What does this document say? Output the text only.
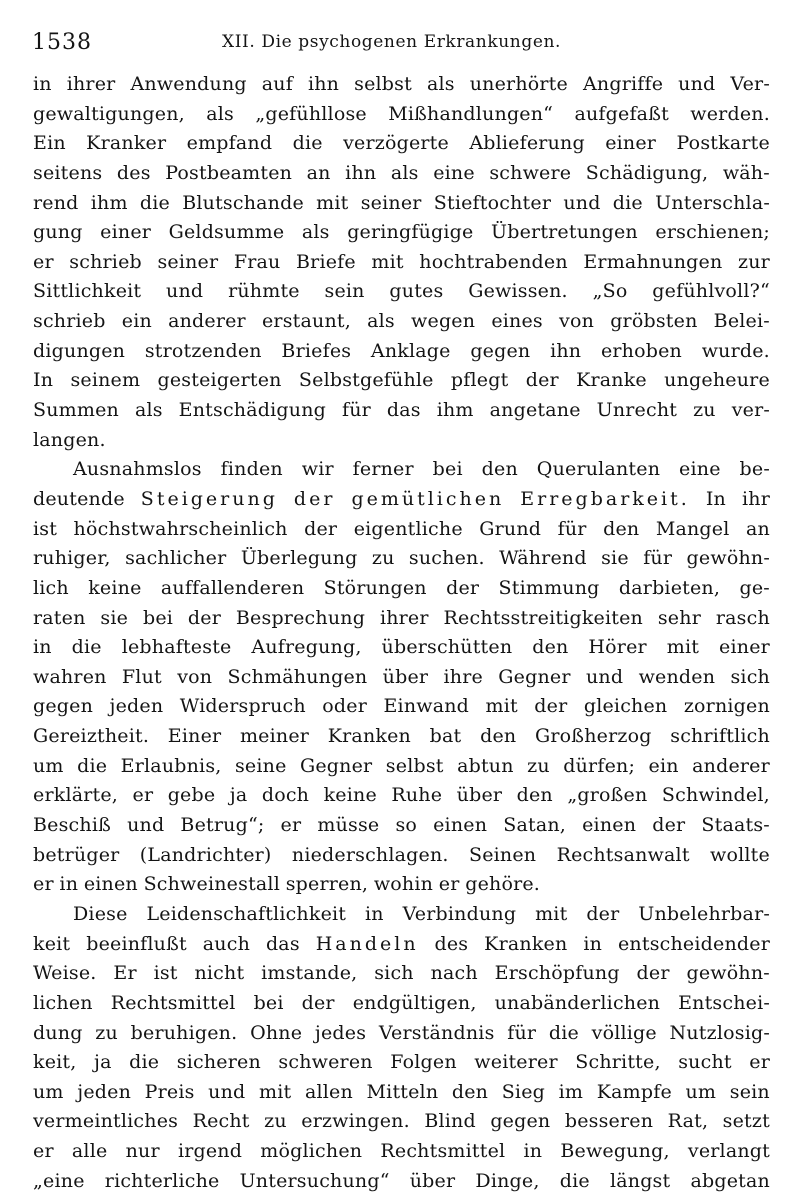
1538	XII. Die psychogenen Erkrankungen.
in ihrer Anwendung auf ihn selbst als unerhörte Angriffe und Ver-
gewaltigungen, als „gefühllose Mißhandlungen“ aufgefaßt werden.
Ein Kranker empfand die verzögerte Ablieferung einer Postkarte
seitens des Postbeamten an ihn als eine schwere Schädigung, wäh-
rend ihm die Blutschande mit seiner Stieftochter und die Unterschla-
gung einer Geldsumme als geringfügige Übertretungen erschienen;
er schrieb seiner Frau Briefe mit hochtrabenden Ermahnungen zur
Sittlichkeit und rühmte sein gutes Gewissen. „So gefühlvoll?“
schrieb ein anderer erstaunt, als wegen eines von gröbsten Belei-
digungen strotzenden Briefes Anklage gegen ihn erhoben wurde.
In seinem gesteigerten Selbstgefühle pflegt der Kranke ungeheure
Summen als Entschädigung für das ihm angetane Unrecht zu ver-
langen.
Ausnahmslos finden wir ferner bei den Querulanten eine be-
deutende Steigerung der gemütlichen Erregbarkeit. In ihr
ist höchstwahrscheinlich der eigentliche Grund für den Mangel an
ruhiger, sachlicher Überlegung zu suchen. Während sie für gewöhn-
lich keine auffallenderen Störungen der Stimmung darbieten, ge-
raten sie bei der Besprechung ihrer Rechtsstreitigkeiten sehr rasch
in die lebhafteste Aufregung, überschütten den Hörer mit einer
wahren Flut von Schmähungen über ihre Gegner und wenden sich
gegen jeden Widerspruch oder Einwand mit der gleichen zornigen
Gereiztheit. Einer meiner Kranken bat den Großherzog schriftlich
um die Erlaubnis, seine Gegner selbst abtun zu dürfen; ein anderer
erklärte, er gebe ja doch keine Ruhe über den „großen Schwindel,
Beschiß und Betrug“; er müsse so einen Satan, einen der Staats-
betrüger (Landrichter) niederschlagen. Seinen Rechtsanwalt wollte
er in einen Schweinestall sperren, wohin er gehöre.
Diese Leidenschaftlichkeit in Verbindung mit der Unbelehrbar-
keit beeinflußt auch das Handeln des Kranken in entscheidender
Weise. Er ist nicht imstande, sich nach Erschöpfung der gewöhn-
lichen Rechtsmittel bei der endgültigen, unabänderlichen Entschei-
dung zu beruhigen. Ohne jedes Verständnis für die völlige Nutzlosig-
keit, ja die sicheren schweren Folgen weiterer Schritte, sucht er
um jeden Preis und mit allen Mitteln den Sieg im Kampfe um sein
vermeintliches Recht zu erzwingen. Blind gegen besseren Rat, setzt
er alle nur irgend möglichen Rechtsmittel in Bewegung, verlangt
„eine richterliche Untersuchung“ über Dinge, die längst abgetan
